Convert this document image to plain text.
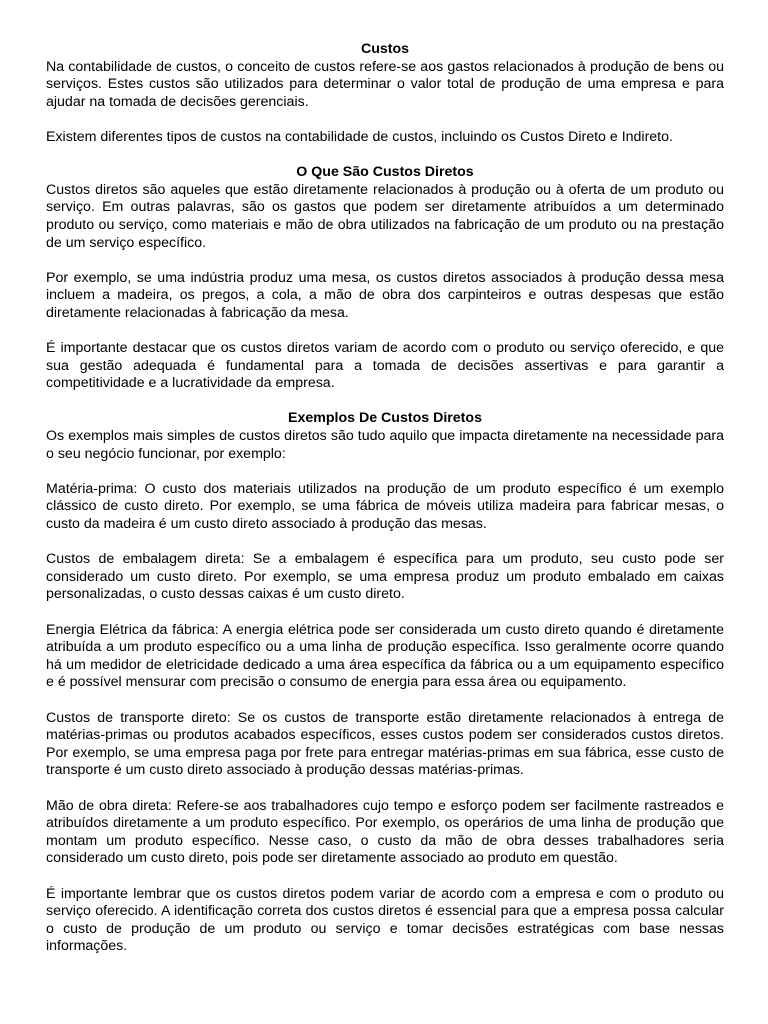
Custos

Na contabilidade de custos, o conceito de custos refere-se aos gastos relacionados à produção de bens ou serviços. Estes custos são utilizados para determinar o valor total de produção de uma empresa e para ajudar na tomada de decisões gerenciais.

Existem diferentes tipos de custos na contabilidade de custos, incluindo os Custos Direto e Indireto.

O Que São Custos Diretos

Custos diretos são aqueles que estão diretamente relacionados à produção ou à oferta de um produto ou serviço. Em outras palavras, são os gastos que podem ser diretamente atribuídos a um determinado produto ou serviço, como materiais e mão de obra utilizados na fabricação de um produto ou na prestação de um serviço específico.

Por exemplo, se uma indústria produz uma mesa, os custos diretos associados à produção dessa mesa incluem a madeira, os pregos, a cola, a mão de obra dos carpinteiros e outras despesas que estão diretamente relacionadas à fabricação da mesa.

É importante destacar que os custos diretos variam de acordo com o produto ou serviço oferecido, e que sua gestão adequada é fundamental para a tomada de decisões assertivas e para garantir a competitividade e a lucratividade da empresa.

Exemplos De Custos Diretos

Os exemplos mais simples de custos diretos são tudo aquilo que impacta diretamente na necessidade para o seu negócio funcionar, por exemplo:

Matéria-prima: O custo dos materiais utilizados na produção de um produto específico é um exemplo clássico de custo direto. Por exemplo, se uma fábrica de móveis utiliza madeira para fabricar mesas, o custo da madeira é um custo direto associado à produção das mesas.

Custos de embalagem direta: Se a embalagem é específica para um produto, seu custo pode ser considerado um custo direto. Por exemplo, se uma empresa produz um produto embalado em caixas personalizadas, o custo dessas caixas é um custo direto.

Energia Elétrica da fábrica: A energia elétrica pode ser considerada um custo direto quando é diretamente atribuída a um produto específico ou a uma linha de produção específica. Isso geralmente ocorre quando há um medidor de eletricidade dedicado a uma área específica da fábrica ou a um equipamento específico e é possível mensurar com precisão o consumo de energia para essa área ou equipamento.

Custos de transporte direto: Se os custos de transporte estão diretamente relacionados à entrega de matérias-primas ou produtos acabados específicos, esses custos podem ser considerados custos diretos. Por exemplo, se uma empresa paga por frete para entregar matérias-primas em sua fábrica, esse custo de transporte é um custo direto associado à produção dessas matérias-primas.

Mão de obra direta: Refere-se aos trabalhadores cujo tempo e esforço podem ser facilmente rastreados e atribuídos diretamente a um produto específico. Por exemplo, os operários de uma linha de produção que montam um produto específico. Nesse caso, o custo da mão de obra desses trabalhadores seria considerado um custo direto, pois pode ser diretamente associado ao produto em questão.

É importante lembrar que os custos diretos podem variar de acordo com a empresa e com o produto ou serviço oferecido. A identificação correta dos custos diretos é essencial para que a empresa possa calcular o custo de produção de um produto ou serviço e tomar decisões estratégicas com base nessas informações.
